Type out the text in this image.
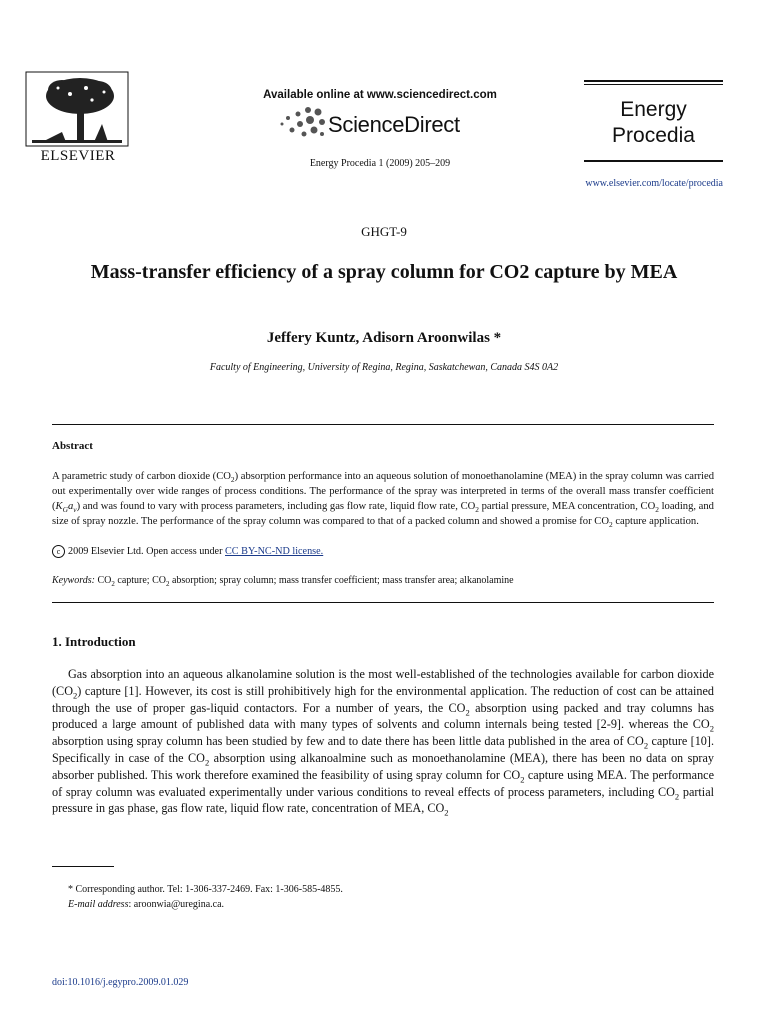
ELSEVIER
Available online at www.sciencedirect.com
ScienceDirect
Energy Procedia 1 (2009) 205–209
Energy
Procedia
www.elsevier.com/locate/procedia
GHGT-9
Mass-transfer efficiency of a spray column for CO2 capture by MEA
Jeffery Kuntz, Adisorn Aroonwilas *
Faculty of Engineering, University of Regina, Regina, Saskatchewan, Canada S4S 0A2
Abstract
A parametric study of carbon dioxide $(CO_2)$ absorption performance into an aqueous solution of monoethanolamine (MEA) in the spray column was carried out experimentally over wide ranges of process conditions. The performance of the spray was interpreted in terms of the overall mass transfer coefficient $(K_Ga_v)$ and was found to vary with process parameters, including gas flow rate, liquid flow rate, $CO_2$ partial pressure, MEA concentration, $CO_2$ loading, and size of spray nozzle. The performance of the spray column was compared to that of a packed column and showed a promise for $CO_2$ capture application.
c 2009 Elsevier Ltd. Open access under CC BY-NC-ND license.
Keywords: $CO_2$ capture; $CO_2$ absorption; spray column; mass transfer coefficient; mass transfer area; alkanolamine
1. Introduction
Gas absorption into an aqueous alkanolamine solution is the most well-established of the technologies available for carbon dioxide $(CO_2)$ capture [1]. However, its cost is still prohibitively high for the environmental application. The reduction of cost can be attained through the use of proper gas-liquid contactors. For a number of years, the $CO_2$ absorption using packed and tray columns has produced a large amount of published data with many types of solvents and column internals being tested [2-9]. whereas the $CO_2$ absorption using spray column has been studied by few and to date there has been little data published in the area of $CO_2$ capture [10]. Specifically in case of the $CO_2$ absorption using alkanoalmine such as monoethanolamine (MEA), there has been no data on spray absorber published. This work therefore examined the feasibility of using spray column for $CO_2$ capture using MEA. The performance of spray column was evaluated experimentally under various conditions to reveal effects of process parameters, including $CO_2$ partial pressure in gas phase, gas flow rate, liquid flow rate, concentration of MEA, $CO_2$
* Corresponding author. Tel: 1-306-337-2469. Fax: 1-306-585-4855.
E-mail address: aroonwia@uregina.ca.
doi:10.1016/j.egypro.2009.01.029
